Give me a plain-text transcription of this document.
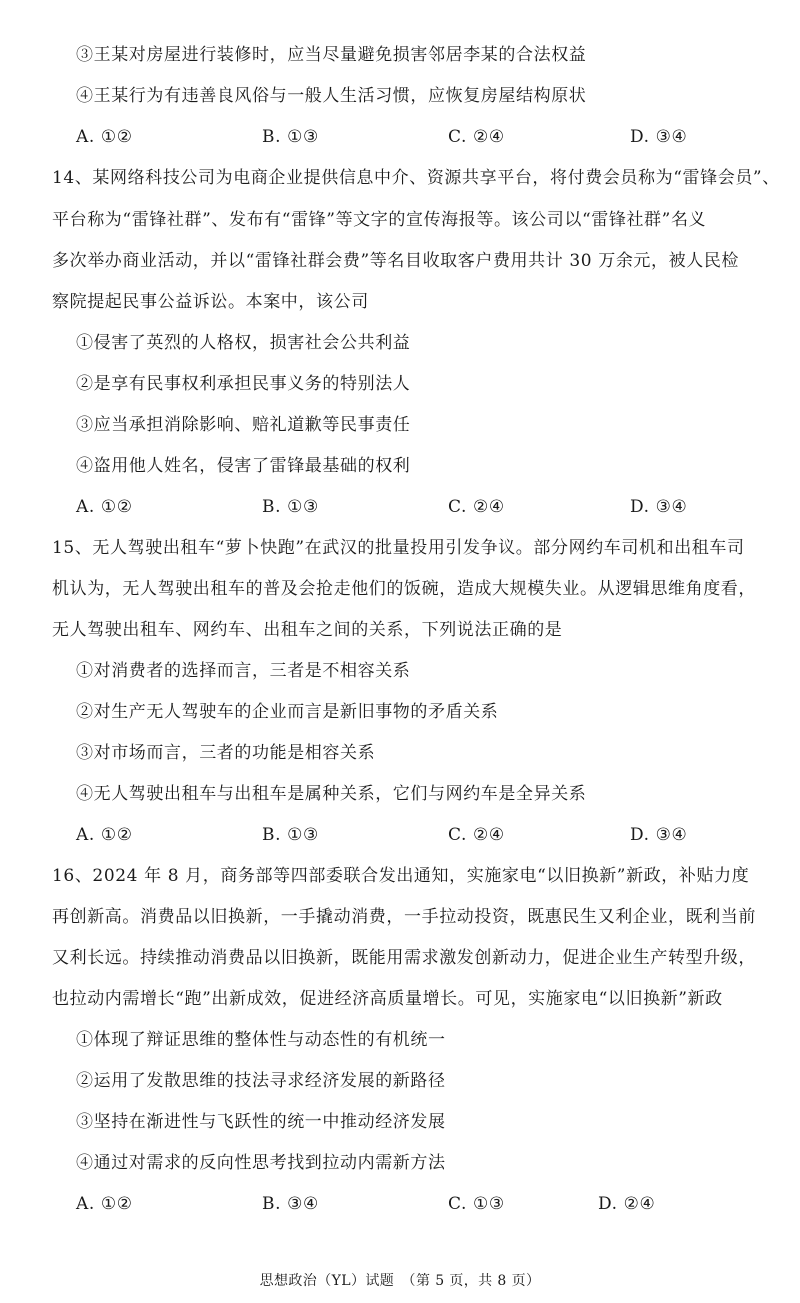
③王某对房屋进行装修时，应当尽量避免损害邻居李某的合法权益
④王某行为有违善良风俗与一般人生活习惯，应恢复房屋结构原状
A. ①②	B. ①③	C. ②④	D. ③④
14、某网络科技公司为电商企业提供信息中介、资源共享平台，将付费会员称为“雷锋会员”、
平台称为“雷锋社群”、发布有“雷锋”等文字的宣传海报等。该公司以“雷锋社群”名义
多次举办商业活动，并以“雷锋社群会费”等名目收取客户费用共计 30 万余元，被人民检
察院提起民事公益诉讼。本案中，该公司
①侵害了英烈的人格权，损害社会公共利益
②是享有民事权利承担民事义务的特别法人
③应当承担消除影响、赔礼道歉等民事责任
④盗用他人姓名，侵害了雷锋最基础的权利
A. ①②	B. ①③	C. ②④	D. ③④
15、无人驾驶出租车“萝卜快跑”在武汉的批量投用引发争议。部分网约车司机和出租车司
机认为，无人驾驶出租车的普及会抢走他们的饭碗，造成大规模失业。从逻辑思维角度看，
无人驾驶出租车、网约车、出租车之间的关系，下列说法正确的是
①对消费者的选择而言，三者是不相容关系
②对生产无人驾驶车的企业而言是新旧事物的矛盾关系
③对市场而言，三者的功能是相容关系
④无人驾驶出租车与出租车是属种关系，它们与网约车是全异关系
A. ①②	B. ①③	C. ②④	D. ③④
16、2024 年 8 月，商务部等四部委联合发出通知，实施家电“以旧换新”新政，补贴力度
再创新高。消费品以旧换新，一手撬动消费，一手拉动投资，既惠民生又利企业，既利当前
又利长远。持续推动消费品以旧换新，既能用需求激发创新动力，促进企业生产转型升级，
也拉动内需增长“跑”出新成效，促进经济高质量增长。可见，实施家电“以旧换新”新政
①体现了辩证思维的整体性与动态性的有机统一
②运用了发散思维的技法寻求经济发展的新路径
③坚持在渐进性与飞跃性的统一中推动经济发展
④通过对需求的反向性思考找到拉动内需新方法
A. ①②	B. ③④	C. ①③	D. ②④
思想政治（YL）试题　（第 5 页，共 8 页）
